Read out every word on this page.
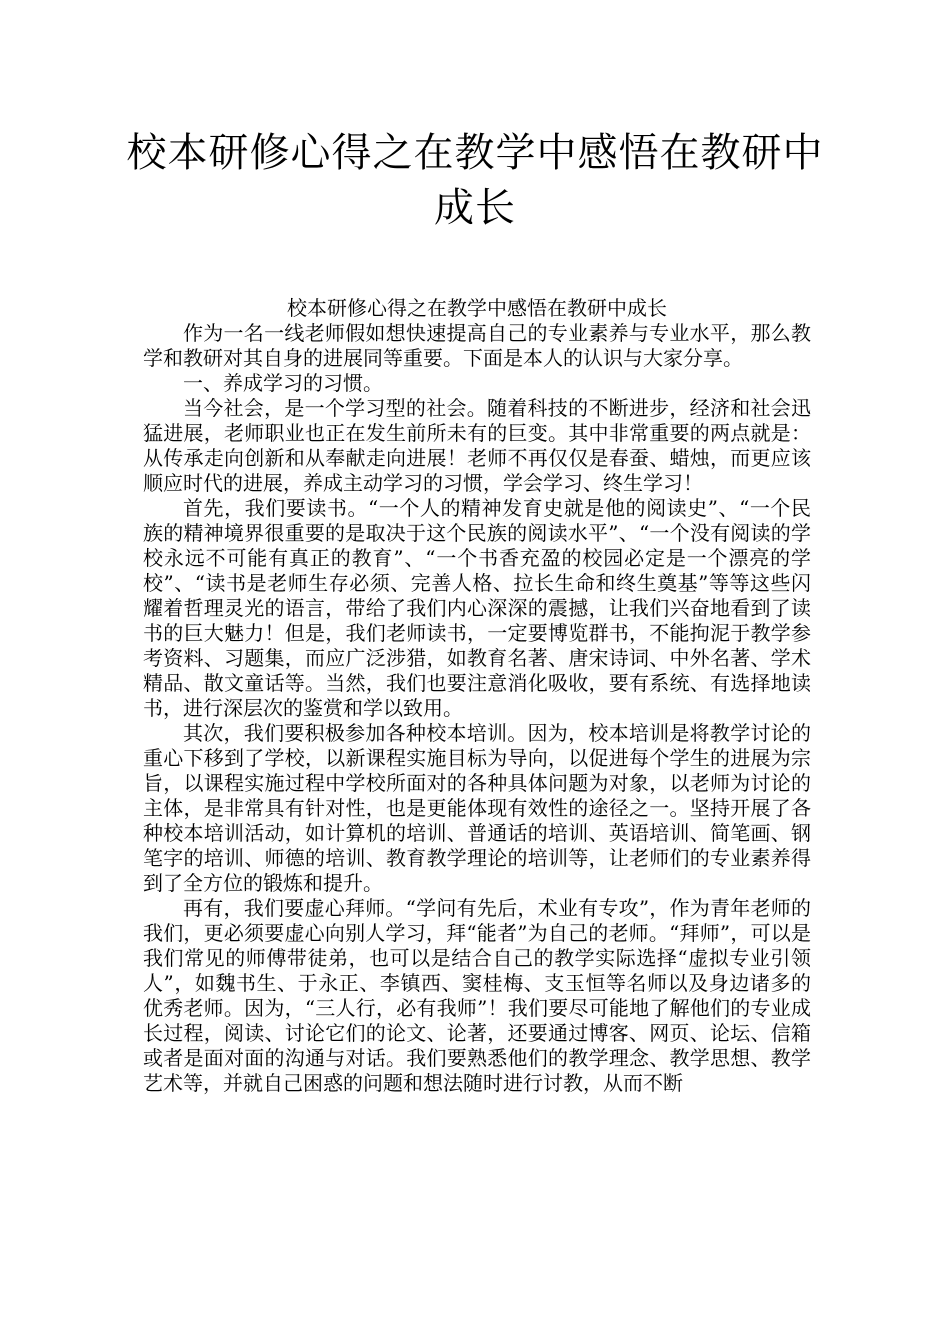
校本研修心得之在教学中感悟在教研中成长

校本研修心得之在教学中感悟在教研中成长

作为一名一线老师假如想快速提高自己的专业素养与专业水平，那么教学和教研对其自身的进展同等重要。下面是本人的认识与大家分享。

一、养成学习的习惯。

当今社会，是一个学习型的社会。随着科技的不断进步，经济和社会迅猛进展，老师职业也正在发生前所未有的巨变。其中非常重要的两点就是：从传承走向创新和从奉献走向进展！老师不再仅仅是春蚕、蜡烛，而更应该顺应时代的进展，养成主动学习的习惯，学会学习、终生学习！

首先，我们要读书。“一个人的精神发育史就是他的阅读史”、“一个民族的精神境界很重要的是取决于这个民族的阅读水平”、“一个没有阅读的学校永远不可能有真正的教育”、“一个书香充盈的校园必定是一个漂亮的学校”、“读书是老师生存必须、完善人格、拉长生命和终生奠基”等等这些闪耀着哲理灵光的语言，带给了我们内心深深的震撼，让我们兴奋地看到了读书的巨大魅力！但是，我们老师读书，一定要博览群书，不能拘泥于教学参考资料、习题集，而应广泛涉猎，如教育名著、唐宋诗词、中外名著、学术精品、散文童话等。当然，我们也要注意消化吸收，要有系统、有选择地读书，进行深层次的鉴赏和学以致用。

其次，我们要积极参加各种校本培训。因为，校本培训是将教学讨论的重心下移到了学校，以新课程实施目标为导向，以促进每个学生的进展为宗旨，以课程实施过程中学校所面对的各种具体问题为对象，以老师为讨论的主体，是非常具有针对性，也是更能体现有效性的途径之一。坚持开展了各种校本培训活动，如计算机的培训、普通话的培训、英语培训、简笔画、钢笔字的培训、师德的培训、教育教学理论的培训等，让老师们的专业素养得到了全方位的锻炼和提升。

再有，我们要虚心拜师。“学问有先后，术业有专攻”，作为青年老师的我们，更必须要虚心向别人学习，拜“能者”为自己的老师。“拜师”，可以是我们常见的师傅带徒弟，也可以是结合自己的教学实际选择“虚拟专业引领人”，如魏书生、于永正、李镇西、窦桂梅、支玉恒等名师以及身边诸多的优秀老师。因为，“三人行，必有我师”！我们要尽可能地了解他们的专业成长过程，阅读、讨论它们的论文、论著，还要通过博客、网页、论坛、信箱或者是面对面的沟通与对话。我们要熟悉他们的教学理念、教学思想、教学艺术等，并就自己困惑的问题和想法随时进行讨教，从而不断
